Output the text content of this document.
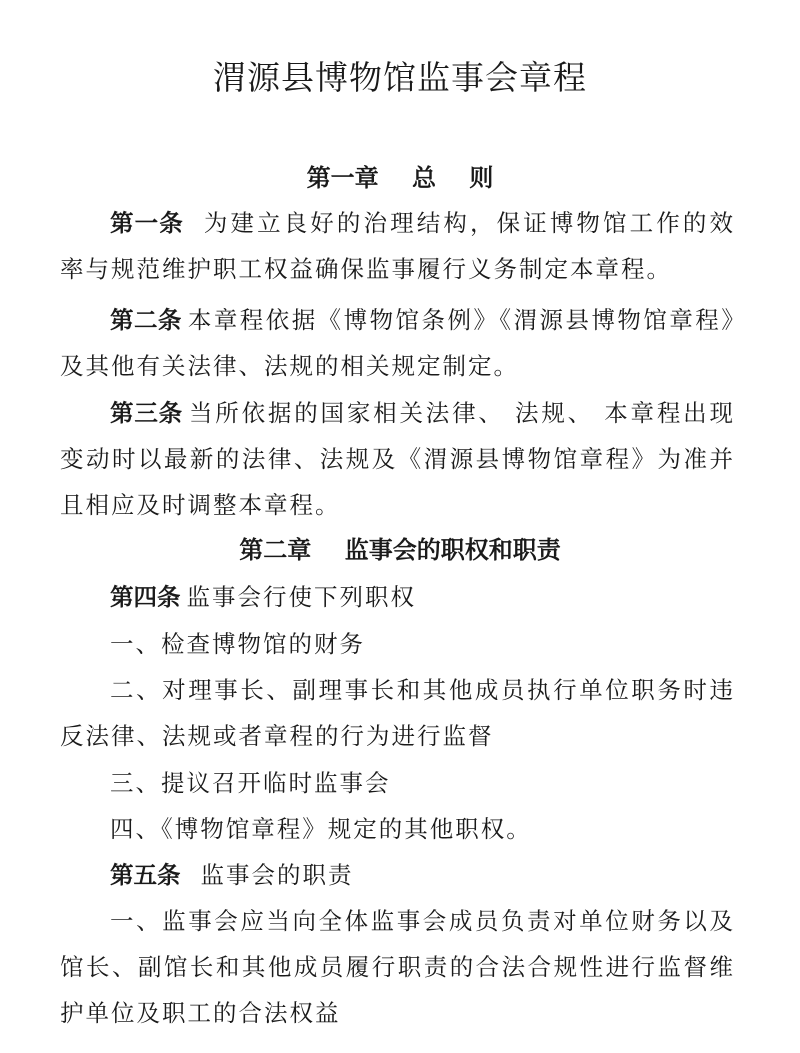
渭源县博物馆监事会章程
第一章    总    则

第一条 为建立良好的治理结构，保证博物馆工作的效率与规范维护职工权益确保监事履行义务制定本章程。

第二条 本章程依据《博物馆条例》《渭源县博物馆章程》及其他有关法律、法规的相关规定制定。

第三条 当所依据的国家相关法律、 法规、 本章程出现变动时以最新的法律、法规及《渭源县博物馆章程》为准并且相应及时调整本章程。

第二章    监事会的职权和职责

第四条 监事会行使下列职权

一、检查博物馆的财务

二、对理事长、副理事长和其他成员执行单位职务时违反法律、法规或者章程的行为进行监督

三、提议召开临时监事会

四、《博物馆章程》规定的其他职权。

第五条 监事会的职责

一、监事会应当向全体监事会成员负责对单位财务以及馆长、副馆长和其他成员履行职责的合法合规性进行监督维护单位及职工的合法权益
